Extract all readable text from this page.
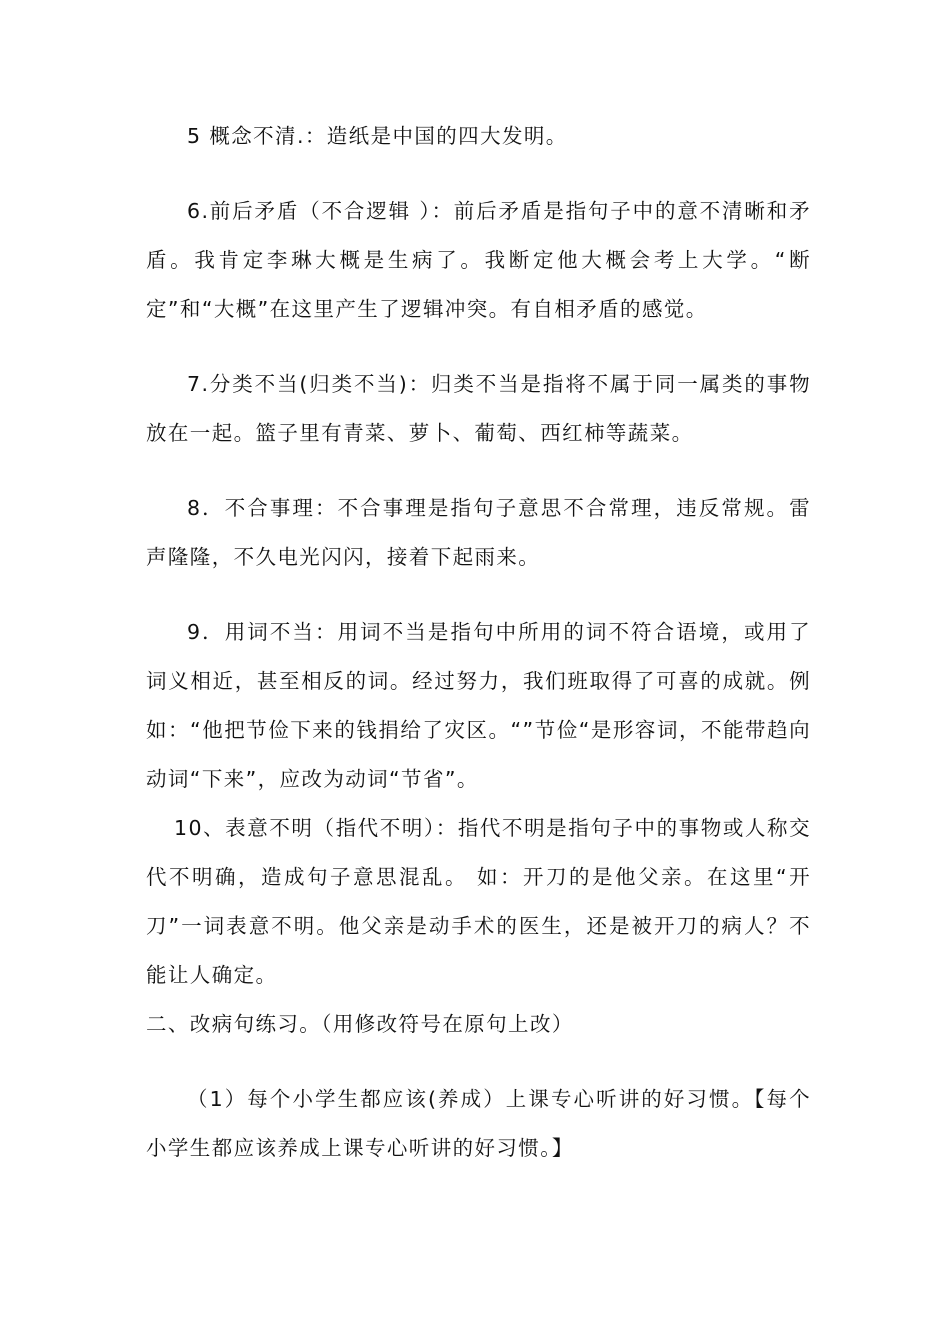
5 概念不清.：造纸是中国的四大发明。

6.前后矛盾（不合逻辑 ）：前后矛盾是指句子中的意不清晰和矛盾。我肯定李琳大概是生病了。我断定他大概会考上大学。“断定”和“大概”在这里产生了逻辑冲突。有自相矛盾的感觉。

7.分类不当(归类不当)：归类不当是指将不属于同一属类的事物放在一起。篮子里有青菜、萝卜、葡萄、西红柿等蔬菜。

8．不合事理：不合事理是指句子意思不合常理，违反常规。雷声隆隆，不久电光闪闪，接着下起雨来。

9．用词不当：用词不当是指句中所用的词不符合语境，或用了词义相近，甚至相反的词。经过努力，我们班取得了可喜的成就。例如：“他把节俭下来的钱捐给了灾区。“”节俭“是形容词，不能带趋向动词“下来”，应改为动词“节省”。

10、表意不明（指代不明）：指代不明是指句子中的事物或人称交代不明确，造成句子意思混乱。 如：开刀的是他父亲。在这里“开刀”一词表意不明。他父亲是动手术的医生，还是被开刀的病人？不能让人确定。

二、改病句练习。（用修改符号在原句上改）

（1）每个小学生都应该(养成）上课专心听讲的好习惯。【每个小学生都应该养成上课专心听讲的好习惯。】
